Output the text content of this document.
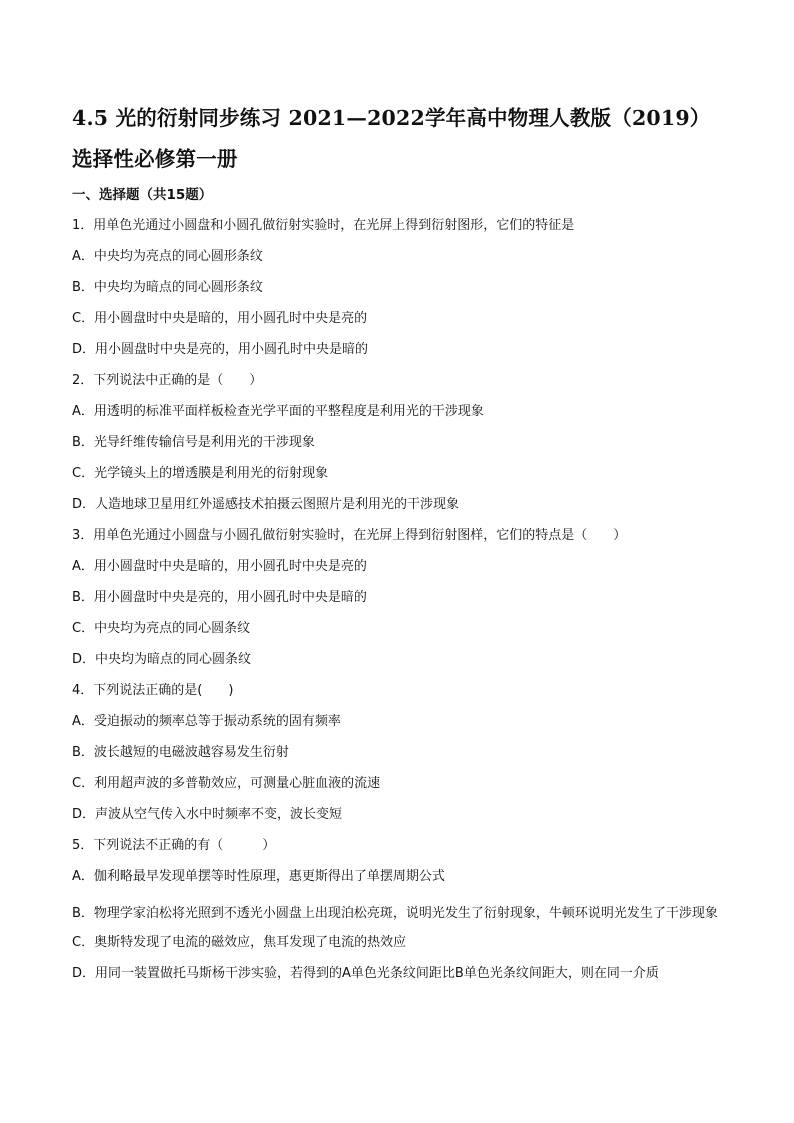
4.5 光的衍射同步练习 2021—2022学年高中物理人教版（2019）选择性必修第一册
一、选择题（共15题）
1．用单色光通过小圆盘和小圆孔做衍射实验时，在光屏上得到衍射图形，它们的特征是
A．中央均为亮点的同心圆形条纹
B．中央均为暗点的同心圆形条纹
C．用小圆盘时中央是暗的，用小圆孔时中央是亮的
D．用小圆盘时中央是亮的，用小圆孔时中央是暗的
2．下列说法中正确的是（　　）
A．用透明的标准平面样板检查光学平面的平整程度是利用光的干涉现象
B．光导纤维传输信号是利用光的干涉现象
C．光学镜头上的增透膜是利用光的衍射现象
D．人造地球卫星用红外遥感技术拍摄云图照片是利用光的干涉现象
3．用单色光通过小圆盘与小圆孔做衍射实验时，在光屏上得到衍射图样，它们的特点是（　　）
A．用小圆盘时中央是暗的，用小圆孔时中央是亮的
B．用小圆盘时中央是亮的，用小圆孔时中央是暗的
C．中央均为亮点的同心圆条纹
D．中央均为暗点的同心圆条纹
4．下列说法正确的是(　　)
A．受迫振动的频率总等于振动系统的固有频率
B．波长越短的电磁波越容易发生衍射
C．利用超声波的多普勒效应，可测量心脏血液的流速
D．声波从空气传入水中时频率不变，波长变短
5．下列说法不正确的有（　　　）
A．伽利略最早发现单摆等时性原理，惠更斯得出了单摆周期公式
B．物理学家泊松将光照到不透光小圆盘上出现泊松亮斑，说明光发生了衍射现象，牛顿环说明光发生了干涉现象
C．奥斯特发现了电流的磁效应，焦耳发现了电流的热效应
D．用同一装置做托马斯杨干涉实验，若得到的A单色光条纹间距比B单色光条纹间距大，则在同一介质
